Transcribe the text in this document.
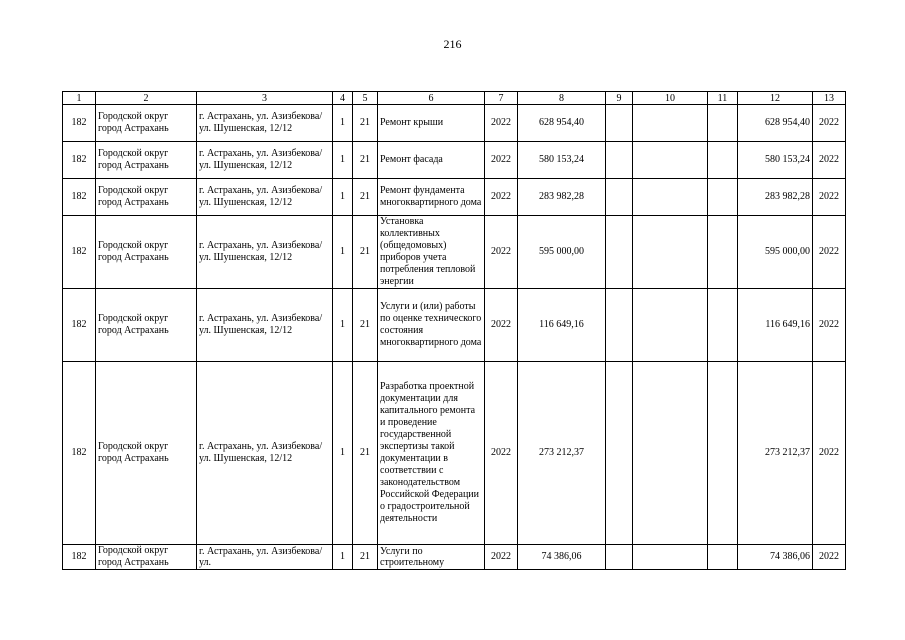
216
1	2	3	4	5	6	7	8	9	10	11	12	13
182	Городской округ город Астрахань	г. Астрахань, ул. Азизбекова/ ул. Шушенская, 12/12	1	21	Ремонт крыши	2022	628 954,40				628 954,40	2022
182	Городской округ город Астрахань	г. Астрахань, ул. Азизбекова/ ул. Шушенская, 12/12	1	21	Ремонт фасада	2022	580 153,24				580 153,24	2022
182	Городской округ город Астрахань	г. Астрахань, ул. Азизбекова/ ул. Шушенская, 12/12	1	21	Ремонт фундамента многоквартирного дома	2022	283 982,28				283 982,28	2022
182	Городской округ город Астрахань	г. Астрахань, ул. Азизбекова/ ул. Шушенская, 12/12	1	21	Установка коллективных (общедомовых) приборов учета потребления тепловой энергии	2022	595 000,00				595 000,00	2022
182	Городской округ город Астрахань	г. Астрахань, ул. Азизбекова/ ул. Шушенская, 12/12	1	21	Услуги и (или) работы по оценке технического состояния многоквартирного дома	2022	116 649,16				116 649,16	2022
182	Городской округ город Астрахань	г. Астрахань, ул. Азизбекова/ ул. Шушенская, 12/12	1	21	Разработка проектной документации для капитального ремонта и проведение государственной экспертизы такой документации в соответствии с законодательством Российской Федерации о градостроительной деятельности	2022	273 212,37				273 212,37	2022
182	Городской округ город Астрахань	г. Астрахань, ул. Азизбекова/ ул.	1	21	Услуги по строительному	2022	74 386,06				74 386,06	2022
